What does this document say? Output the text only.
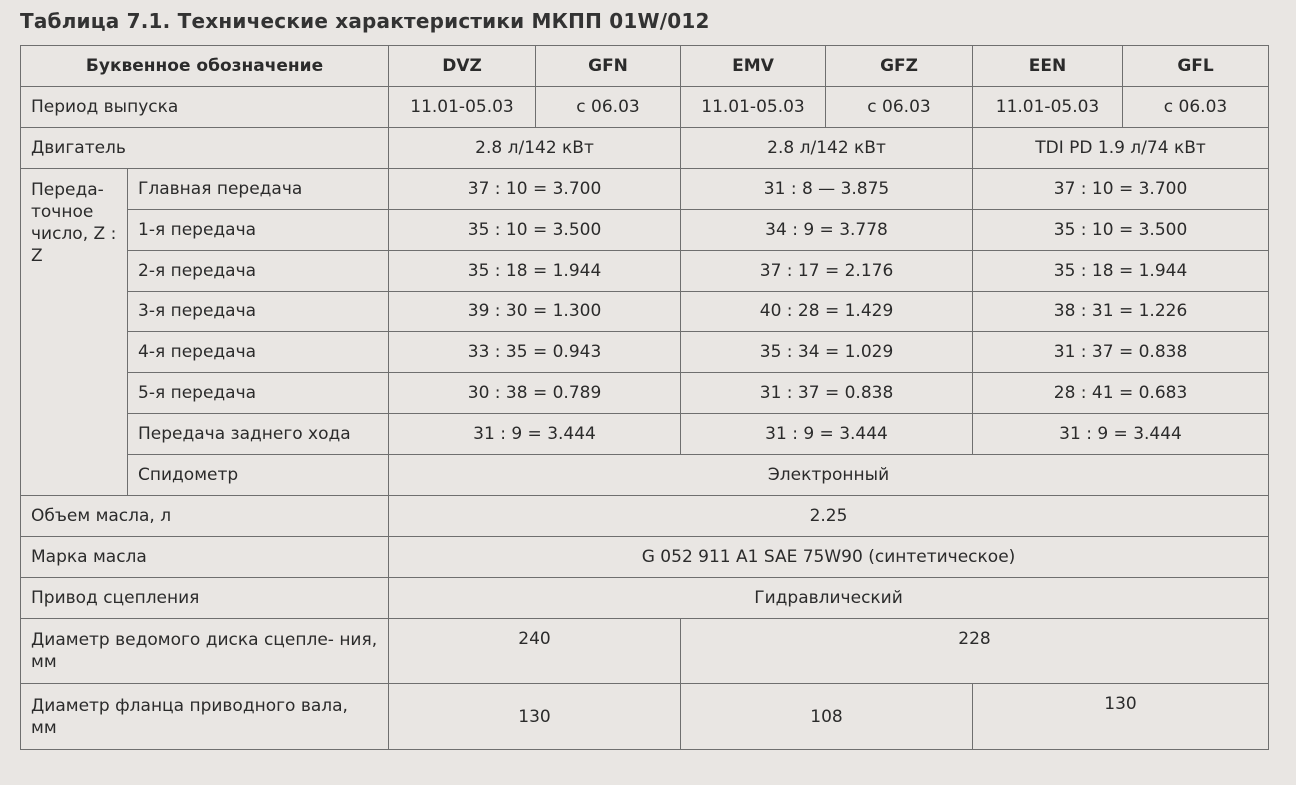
Таблица 7.1. Технические характеристики МКПП 01W/012
Буквенное обозначение		DVZ	GFN	EMV	GFZ	EEN	GFL
Период выпуска		11.01-05.03	с 06.03	11.01-05.03	с 06.03	11.01-05.03	с 06.03
Двигатель		2.8 л/142 кВт		2.8 л/142 кВт		TDI PD 1.9 л/74 кВт	
Переда- точное число, Z : Z	Главная передача	37 : 10 = 3.700		31 : 8 — 3.875		37 : 10 = 3.700	
	1-я передача	35 : 10 = 3.500		34 : 9 = 3.778		35 : 10 = 3.500	
	2-я передача	35 : 18 = 1.944		37 : 17 = 2.176		35 : 18 = 1.944	
	3-я передача	39 : 30 = 1.300		40 : 28 = 1.429		38 : 31 = 1.226	
	4-я передача	33 : 35 = 0.943		35 : 34 = 1.029		31 : 37 = 0.838	
	5-я передача	30 : 38 = 0.789		31 : 37 = 0.838		28 : 41 = 0.683	
	Передача заднего хода	31 : 9 = 3.444		31 : 9 = 3.444		31 : 9 = 3.444	
	Спидометр	Электронный					
Объем масла, л		2.25					
Марка масла		G 052 911 A1 SAE 75W90 (синтетическое)					
Привод сцепления		Гидравлический					
Диаметр ведомого диска сцепле- ния, мм		240		228			
Диаметр фланца приводного вала, мм		130		108		130	
